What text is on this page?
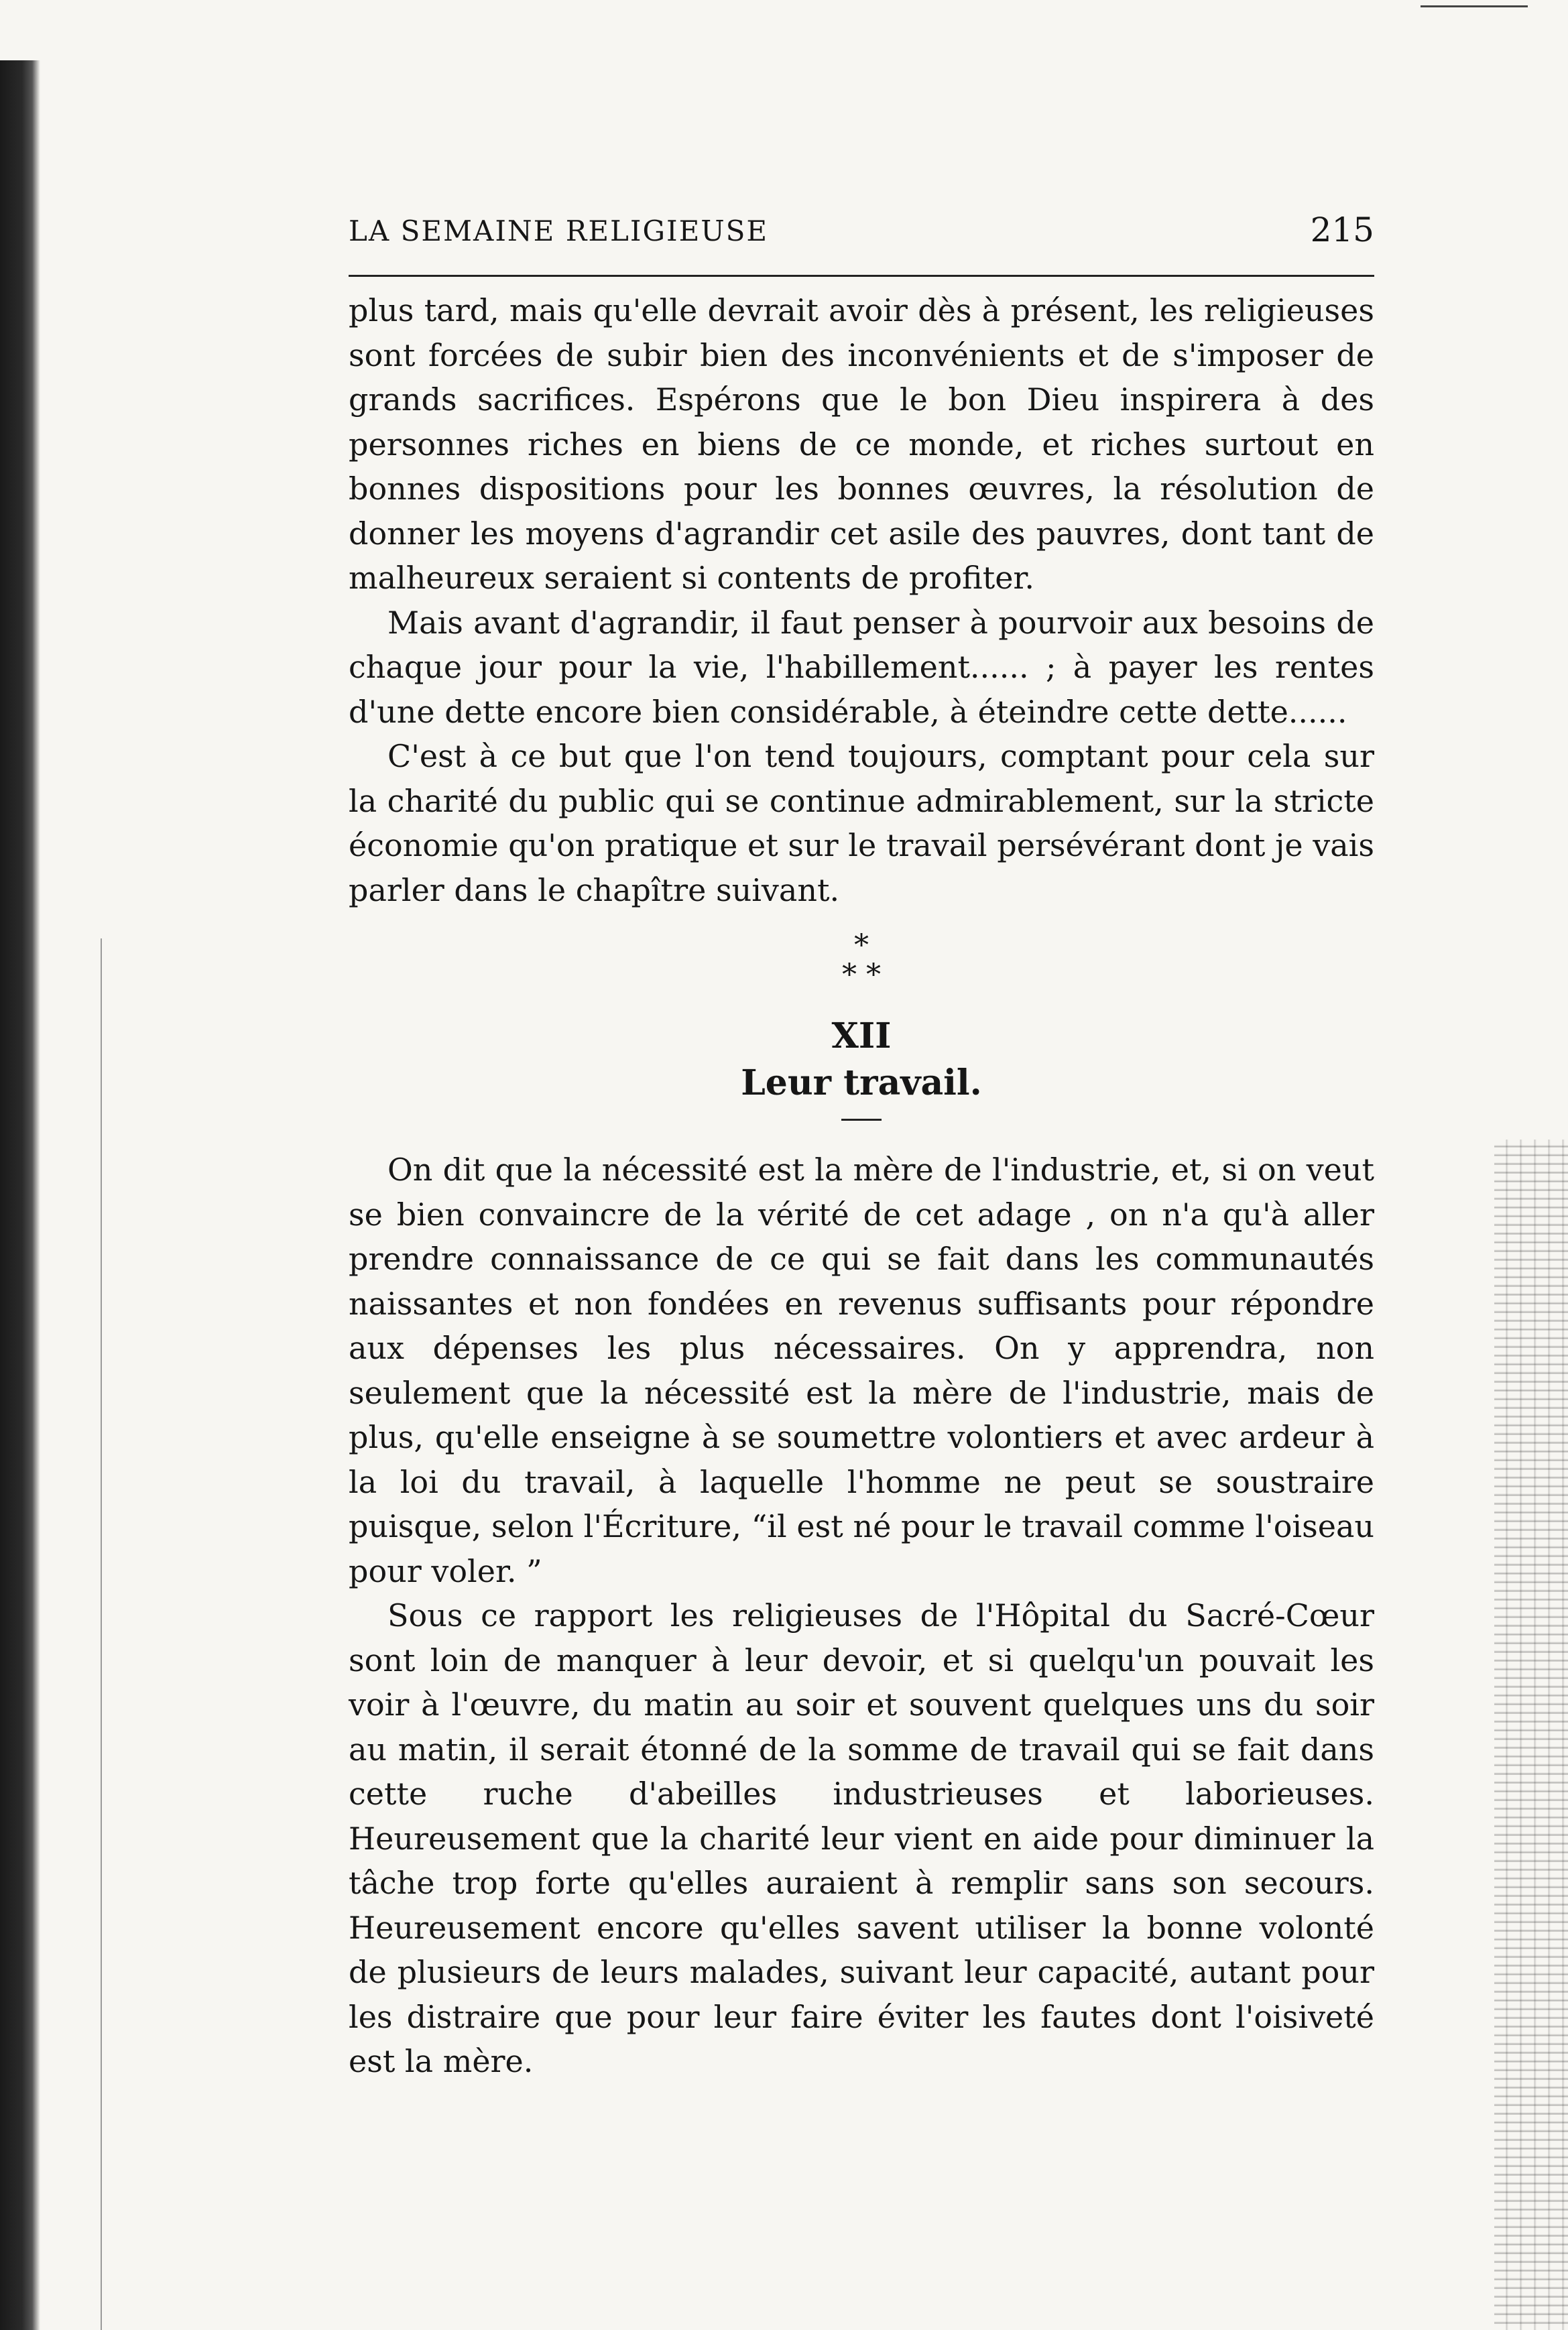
LA SEMAINE RELIGIEUSE	215

plus tard, mais qu'elle devrait avoir dès à présent, les religieuses sont forcées de subir bien des inconvénients et de s'imposer de grands sacrifices. Espérons que le bon Dieu inspirera à des personnes riches en biens de ce monde, et riches surtout en bonnes dispositions pour les bonnes œuvres, la résolution de donner les moyens d'agrandir cet asile des pauvres, dont tant de malheureux seraient si contents de profiter.

Mais avant d'agrandir, il faut penser à pourvoir aux besoins de chaque jour pour la vie, l'habillement...... ; à payer les rentes d'une dette encore bien considérable, à éteindre cette dette......

C'est à ce but que l'on tend toujours, comptant pour cela sur la charité du public qui se continue admirablement, sur la stricte économie qu'on pratique et sur le travail persévérant dont je vais parler dans le chapître suivant.

*
* *
XII
Leur travail.

On dit que la nécessité est la mère de l'industrie, et, si on veut se bien convaincre de la vérité de cet adage , on n'a qu'à aller prendre connaissance de ce qui se fait dans les communautés naissantes et non fondées en revenus suffisants pour répondre aux dépenses les plus nécessaires. On y apprendra, non seulement que la nécessité est la mère de l'industrie, mais de plus, qu'elle enseigne à se soumettre volontiers et avec ardeur à la loi du travail, à laquelle l'homme ne peut se soustraire puisque, selon l'Écriture, “il est né pour le travail comme l'oiseau pour voler. ”

Sous ce rapport les religieuses de l'Hôpital du Sacré-Cœur sont loin de manquer à leur devoir, et si quelqu'un pouvait les voir à l'œuvre, du matin au soir et souvent quelques uns du soir au matin, il serait étonné de la somme de travail qui se fait dans cette ruche d'abeilles industrieuses et laborieuses. Heureusement que la charité leur vient en aide pour diminuer la tâche trop forte qu'elles auraient à remplir sans son secours. Heureusement encore qu'elles savent utiliser la bonne volonté de plusieurs de leurs malades, suivant leur capacité, autant pour les distraire que pour leur faire éviter les fautes dont l'oisiveté est la mère.
